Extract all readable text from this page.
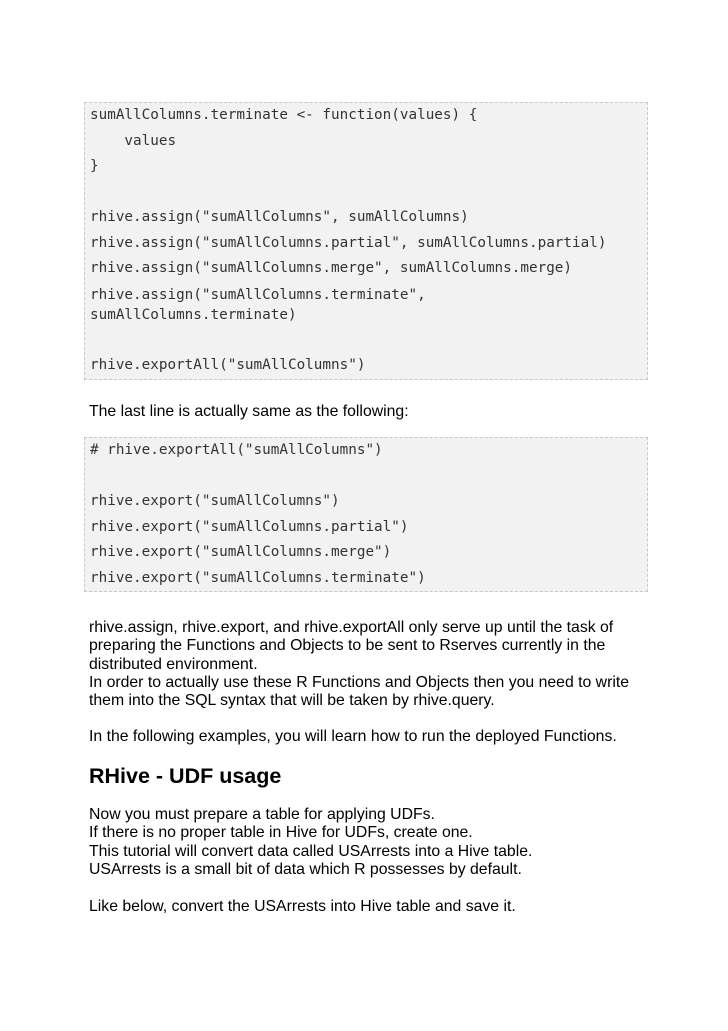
sumAllColumns.terminate <- function(values) {
values
}
rhive.assign("sumAllColumns", sumAllColumns)
rhive.assign("sumAllColumns.partial", sumAllColumns.partial)
rhive.assign("sumAllColumns.merge", sumAllColumns.merge)
rhive.assign("sumAllColumns.terminate",
sumAllColumns.terminate)
rhive.exportAll("sumAllColumns")

The last line is actually same as the following:

# rhive.exportAll("sumAllColumns")
rhive.export("sumAllColumns")
rhive.export("sumAllColumns.partial")
rhive.export("sumAllColumns.merge")
rhive.export("sumAllColumns.terminate")

rhive.assign, rhive.export, and rhive.exportAll only serve up until the task of

preparing the Functions and Objects to be sent to Rserves currently in the

distributed environment.

In order to actually use these R Functions and Objects then you need to write

them into the SQL syntax that will be taken by rhive.query.

In the following examples, you will learn how to run the deployed Functions.

RHive - UDF usage

Now you must prepare a table for applying UDFs.

If there is no proper table in Hive for UDFs, create one.

This tutorial will convert data called USArrests into a Hive table.

USArrests is a small bit of data which R possesses by default.

Like below, convert the USArrests into Hive table and save it.
